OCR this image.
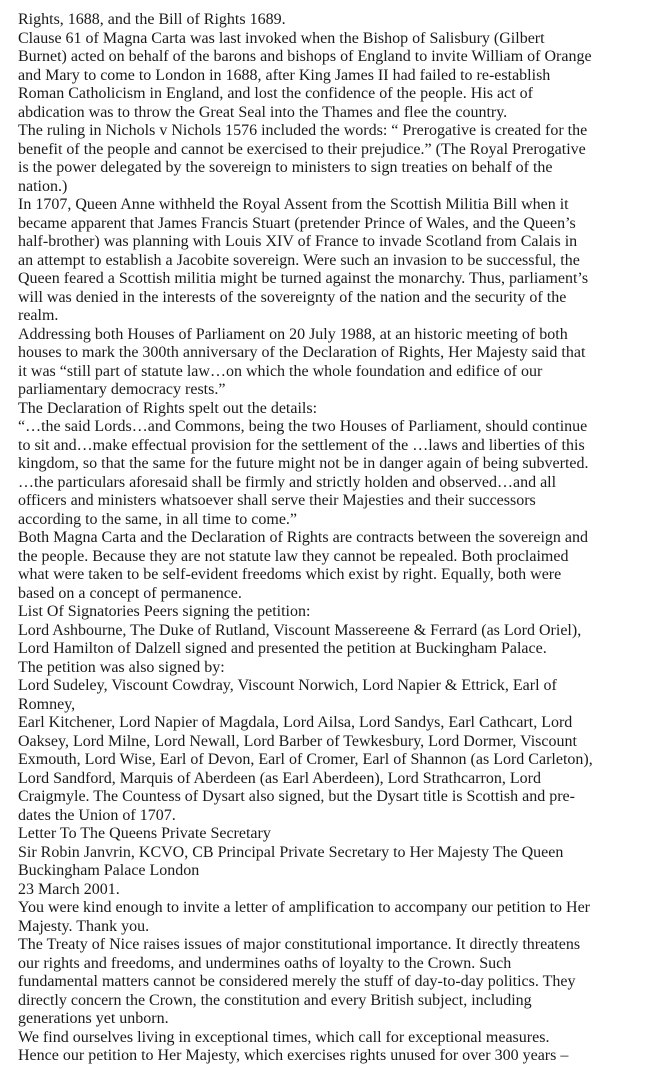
Rights, 1688, and the Bill of Rights 1689.
Clause 61 of Magna Carta was last invoked when the Bishop of Salisbury (Gilbert
Burnet) acted on behalf of the barons and bishops of England to invite William of Orange
and Mary to come to London in 1688, after King James II had failed to re-establish
Roman Catholicism in England, and lost the confidence of the people. His act of
abdication was to throw the Great Seal into the Thames and flee the country.
The ruling in Nichols v Nichols 1576 included the words: “ Prerogative is created for the
benefit of the people and cannot be exercised to their prejudice.” (The Royal Prerogative
is the power delegated by the sovereign to ministers to sign treaties on behalf of the
nation.)
In 1707, Queen Anne withheld the Royal Assent from the Scottish Militia Bill when it
became apparent that James Francis Stuart (pretender Prince of Wales, and the Queen’s
half-brother) was planning with Louis XIV of France to invade Scotland from Calais in
an attempt to establish a Jacobite sovereign. Were such an invasion to be successful, the
Queen feared a Scottish militia might be turned against the monarchy. Thus, parliament’s
will was denied in the interests of the sovereignty of the nation and the security of the
realm.
Addressing both Houses of Parliament on 20 July 1988, at an historic meeting of both
houses to mark the 300th anniversary of the Declaration of Rights, Her Majesty said that
it was “still part of statute law…on which the whole foundation and edifice of our
parliamentary democracy rests.”
The Declaration of Rights spelt out the details:
“…the said Lords…and Commons, being the two Houses of Parliament, should continue
to sit and…make effectual provision for the settlement of the …laws and liberties of this
kingdom, so that the same for the future might not be in danger again of being subverted.
…the particulars aforesaid shall be firmly and strictly holden and observed…and all
officers and ministers whatsoever shall serve their Majesties and their successors
according to the same, in all time to come.”
Both Magna Carta and the Declaration of Rights are contracts between the sovereign and
the people. Because they are not statute law they cannot be repealed. Both proclaimed
what were taken to be self-evident freedoms which exist by right. Equally, both were
based on a concept of permanence.
List Of Signatories Peers signing the petition:
Lord Ashbourne, The Duke of Rutland, Viscount Massereene & Ferrard (as Lord Oriel),
Lord Hamilton of Dalzell signed and presented the petition at Buckingham Palace.
The petition was also signed by:
Lord Sudeley, Viscount Cowdray, Viscount Norwich, Lord Napier & Ettrick, Earl of
Romney,
Earl Kitchener, Lord Napier of Magdala, Lord Ailsa, Lord Sandys, Earl Cathcart, Lord
Oaksey, Lord Milne, Lord Newall, Lord Barber of Tewkesbury, Lord Dormer, Viscount
Exmouth, Lord Wise, Earl of Devon, Earl of Cromer, Earl of Shannon (as Lord Carleton),
Lord Sandford, Marquis of Aberdeen (as Earl Aberdeen), Lord Strathcarron, Lord
Craigmyle. The Countess of Dysart also signed, but the Dysart title is Scottish and pre-
dates the Union of 1707.
Letter To The Queens Private Secretary
Sir Robin Janvrin, KCVO, CB Principal Private Secretary to Her Majesty The Queen
Buckingham Palace London
23 March 2001.
You were kind enough to invite a letter of amplification to accompany our petition to Her
Majesty. Thank you.
The Treaty of Nice raises issues of major constitutional importance. It directly threatens
our rights and freedoms, and undermines oaths of loyalty to the Crown. Such
fundamental matters cannot be considered merely the stuff of day-to-day politics. They
directly concern the Crown, the constitution and every British subject, including
generations yet unborn.
We find ourselves living in exceptional times, which call for exceptional measures.
Hence our petition to Her Majesty, which exercises rights unused for over 300 years –
